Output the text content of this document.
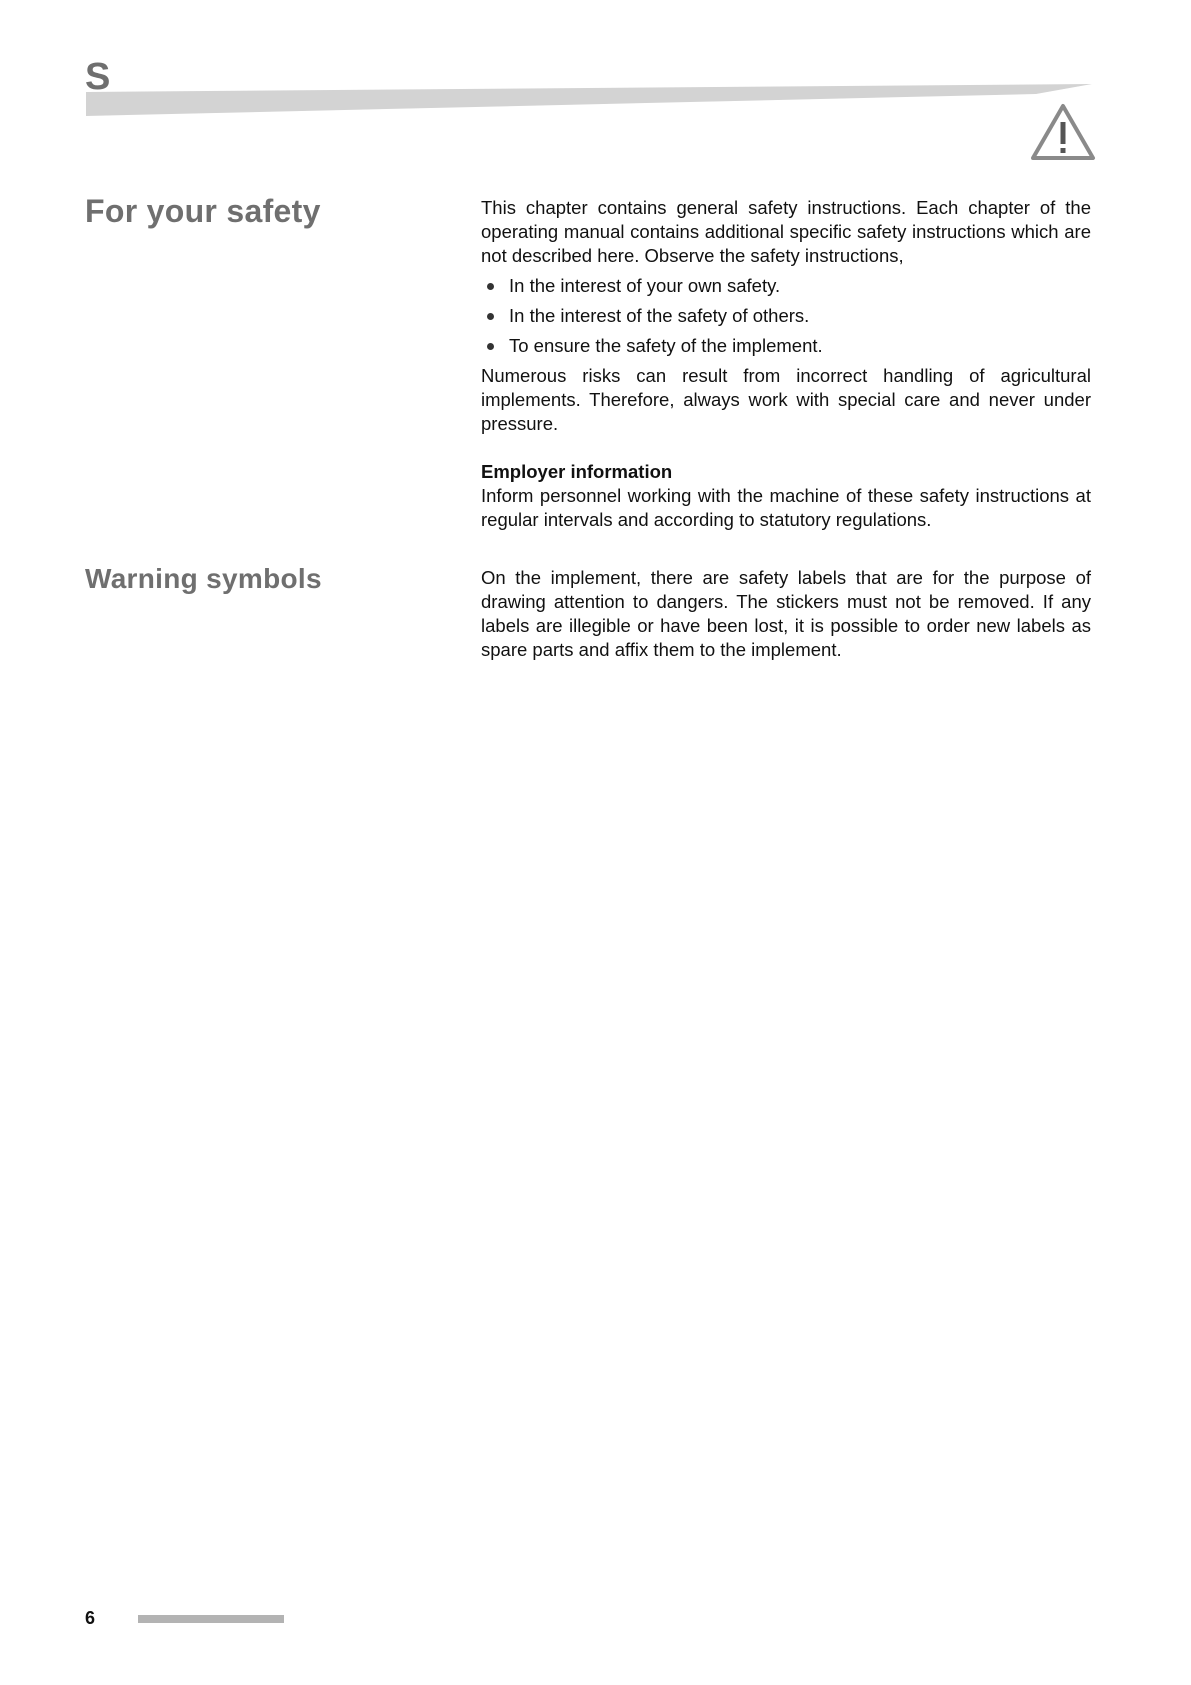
S
For your safety	This chapter contains general safety instructions. Each chapter of the operating manual contains additional specific safety instructions which are not described here. Observe the safety instructions,

In the interest of your own safety.
In the interest of the safety of others.
To ensure the safety of the implement.

Numerous risks can result from incorrect handling of agricultural implements. Therefore, always work with special care and never under pressure.

Employer information

Inform personnel working with the machine of these safety instructions at regular intervals and according to statutory regulations.

Warning symbols	On the implement, there are safety labels that are for the purpose of drawing attention to dangers. The stickers must not be removed. If any labels are illegible or have been lost, it is possible to order new labels as spare parts and affix them to the implement.

6
